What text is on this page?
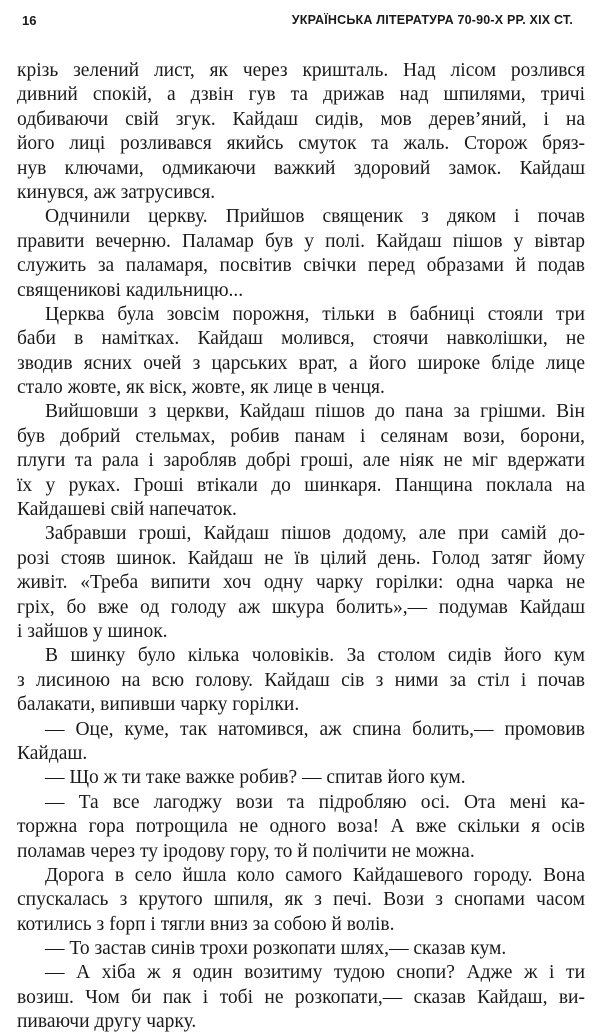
16	УКРАЇНСЬКА ЛІТЕРАТУРА 70-90-Х РР. XIX СТ.
крізь зелений лист, як через кришталь. Над лісом розлився
дивний спокій, а дзвін гув та дрижав над шпилями, тричі
одбиваючи свій згук. Кайдаш сидів, мов дерев’яний, і на
його лиці розливався якийсь смуток та жаль. Сторож бряз-
нув ключами, одмикаючи важкий здоровий замок. Кайдаш
кинувся, аж затрусився.
Одчинили церкву. Прийшов священик з дяком і почав
правити вечерню. Паламар був у полі. Кайдаш пішов у вівтар
служить за паламаря, посвітив свічки перед образами й подав
священикові кадильницю...
Церква була зовсім порожня, тільки в бабниці стояли три
баби в намітках. Кайдаш молився, стоячи навколішки, не
зводив ясних очей з царських врат, а його широке бліде лице
стало жовте, як віск, жовте, як лице в ченця.
Вийшовши з церкви, Кайдаш пішов до пана за грішми. Він
був добрий стельмах, робив панам і селянам вози, борони,
плуги та рала і заробляв добрі гроші, але ніяк не міг вдержати
їх у руках. Гроші втікали до шинкаря. Панщина поклала на
Кайдашеві свій напечаток.
Забравши гроші, Кайдаш пішов додому, але при самій до-
розі стояв шинок. Кайдаш не їв цілий день. Голод затяг йому
живіт. «Треба випити хоч одну чарку горілки: одна чарка не
гріх, бо вже од голоду аж шкура болить»,— подумав Кайдаш
і зайшов у шинок.
В шинку було кілька чоловіків. За столом сидів його кум
з лисиною на всю голову. Кайдаш сів з ними за стіл і почав
балакати, випивши чарку горілки.
— Оце, куме, так натомився, аж спина болить,— промовив
Кайдаш.
— Що ж ти таке важке робив? — спитав його кум.
— Та все лагоджу вози та підробляю осі. Ота мені ка-
торжна гора потрощила не одного воза! А вже скільки я осів
поламав через ту іродову гору, то й полічити не можна.
Дорога в село йшла коло самого Кайдашевого городу. Вона
спускалась з крутого шпиля, як з печі. Вози з снопами часом
котились з fорп і тягли вниз за собою й волів.
— То застав синів трохи розкопати шлях,— сказав кум.
— А хіба ж я один возитиму тудою снопи? Адже ж і ти
возиш. Чом би пак і тобі не розкопати,— сказав Кайдаш, ви-
пиваючи другу чарку.
